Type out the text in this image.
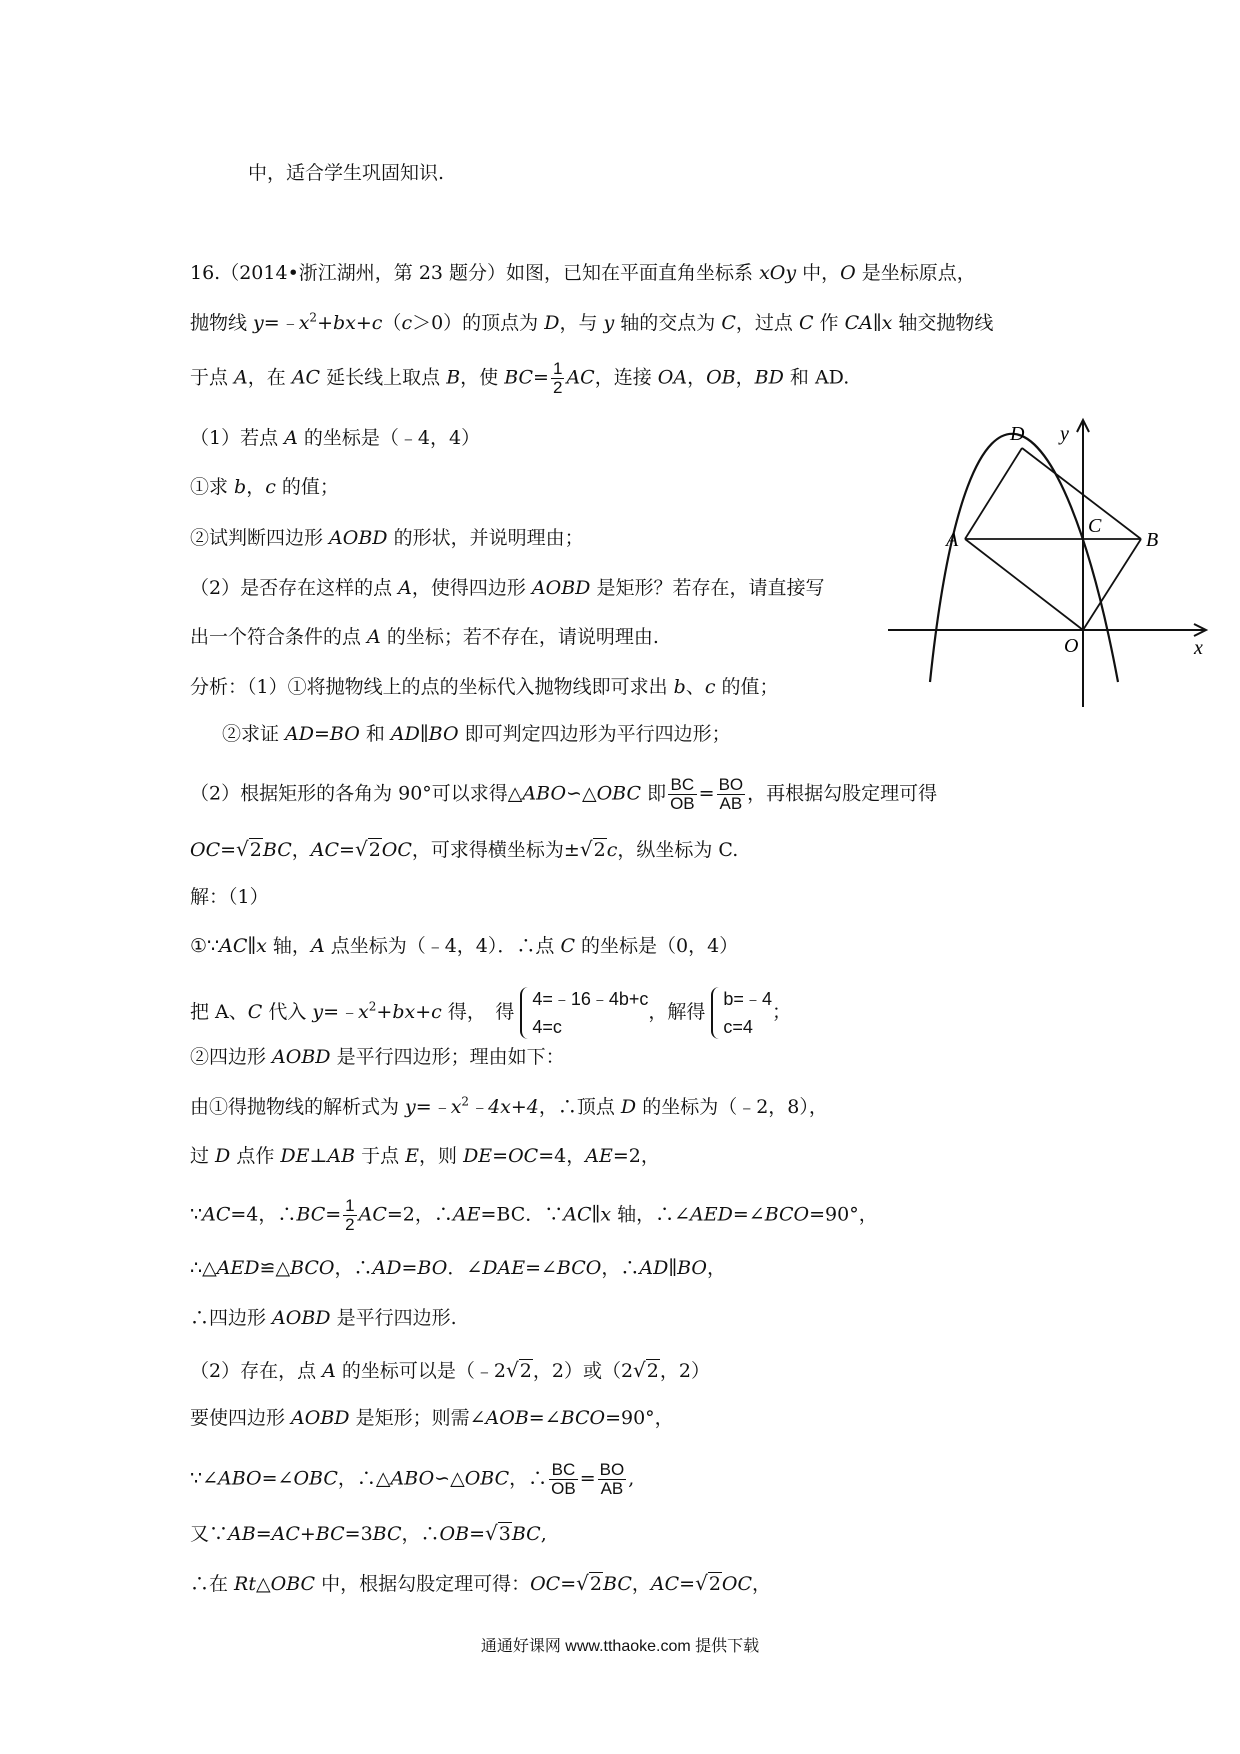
中，适合学生巩固知识.
16.（2014•浙江湖州，第 23 题分）如图，已知在平面直角坐标系 xOy 中，O 是坐标原点，
抛物线 $y=﹣x^2+bx+c(c>0)$的顶点为 D，与 y 轴的交点为 C，过点 C 作 CA∥x 轴交抛物线
于点 A，在 AC 延长线上取点 B，使 $BC= \frac{1}{2}$ AC，连接 OA，OB，BD 和 AD.
（1）若点 A 的坐标是（﹣4，4）
①求 b，c 的值；
②试判断四边形 AOBD 的形状，并说明理由；
（2）是否存在这样的点 A，使得四边形 AOBD 是矩形？若存在，请直接写
出一个符合条件的点 A 的坐标；若不存在，请说明理由.
D y
C
A	B
O	x
分析：（1）①将抛物线上的点的坐标代入抛物线即可求出 b、c 的值；
②求证 AD=BO 和 AD∥BO 即可判定四边形为平行四边形；
（2）根据矩形的各角为 90°可以求得△ABO∽△OBC 即 $\frac{BC}{OB} = \frac{BO}{AB}$ ，再根据勾股定理可得
OC=√2BC，AC=√2OC，可求得横坐标为±√2c，纵坐标为 C.
解：（1）
①∵AC∥x 轴，A 点坐标为（﹣4，4）．∴点 C 的坐标是（0，4）
把 A、C 代入 $y=﹣x^2+bx+c$ 得，　得
4=﹣16﹣4b+c
4=c
，解得
b=﹣4
c=4
；
②四边形 AOBD 是平行四边形；理由如下：
由①得抛物线的解析式为 $y=﹣x^2﹣4x+4$，∴顶点 D 的坐标为（﹣2，8），
过 D 点作 DE⊥AB 于点 E，则 DE=OC=4，AE=2，
∵AC=4，∴BC= $\frac{1}{2} AC=2$，∴AE=BC．∵AC∥x 轴，∴∠AED=∠BCO=90°，
∴△AED≌△BCO，∴AD=BO．∠DAE=∠BCO，∴AD∥BO，
∴四边形 AOBD 是平行四边形.
（2）存在，点 A 的坐标可以是（﹣2√2，2）或（2√2，2）
要使四边形 AOBD 是矩形；则需∠AOB=∠BCO=90°，
∵∠ABO=∠OBC，∴△ABO∽△OBC，∴ $\frac{BC}{OB} = \frac{BO}{AB}$ ,
又∵AB=AC+BC=3BC，∴OB=√3BC,
∴在 Rt△OBC 中，根据勾股定理可得：OC=√2BC，AC=√2OC，
通通好课网 www.tthaoke.com 提供下载
